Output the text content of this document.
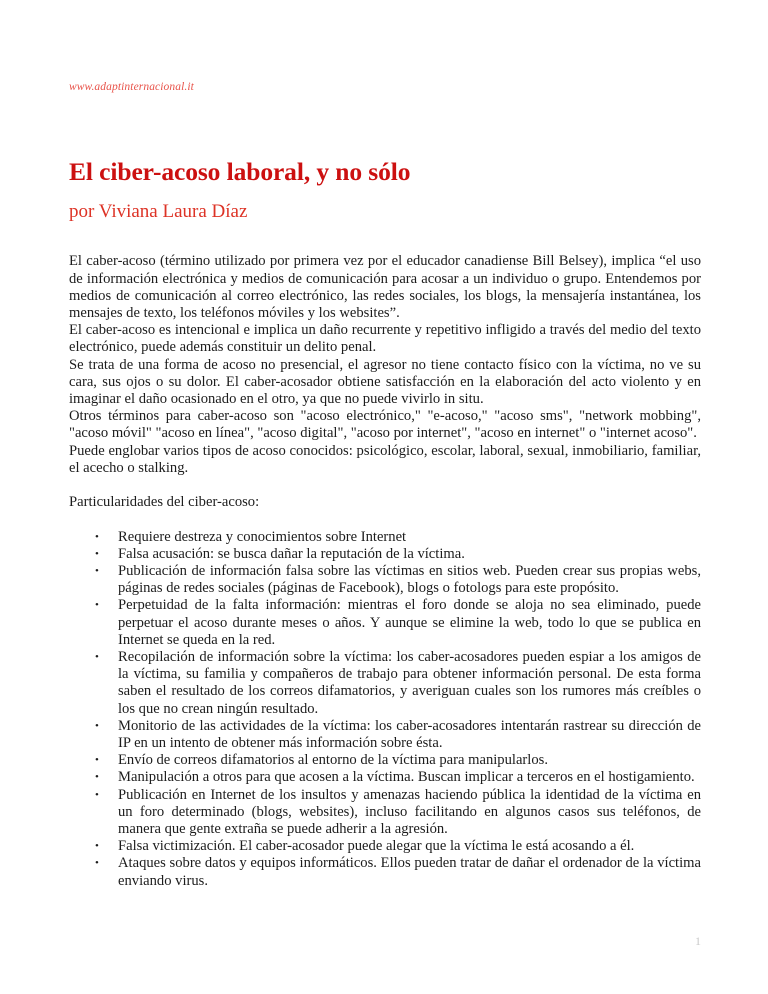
www.adaptinternacional.it
El ciber-acoso laboral, y no sólo
por Viviana Laura Díaz

El caber-acoso (término utilizado por primera vez por el educador canadiense Bill Belsey), implica “el uso de información electrónica y medios de comunicación para acosar a un individuo o grupo. Entendemos por medios de comunicación al correo electrónico, las redes sociales, los blogs, la mensajería instantánea, los mensajes de texto, los teléfonos móviles y los websites”.

El caber-acoso es intencional e implica un daño recurrente y repetitivo infligido a través del medio del texto electrónico, puede además constituir un delito penal.

Se trata de una forma de acoso no presencial, el agresor no tiene contacto físico con la víctima, no ve su cara, sus ojos o su dolor. El caber-acosador obtiene satisfacción en la elaboración del acto violento y en imaginar el daño ocasionado en el otro, ya que no puede vivirlo in situ.

Otros términos para caber-acoso son "acoso electrónico," "e-acoso," "acoso sms", "network mobbing", "acoso móvil" "acoso en línea", "acoso digital", "acoso por internet", "acoso en internet" o "internet acoso".

Puede englobar varios tipos de acoso conocidos: psicológico, escolar, laboral, sexual, inmobiliario, familiar, el acecho o stalking.

Particularidades del ciber-acoso:
• Requiere destreza y conocimientos sobre Internet
• Falsa acusación: se busca dañar la reputación de la víctima.
• Publicación de información falsa sobre las víctimas en sitios web. Pueden crear sus propias webs, páginas de redes sociales (páginas de Facebook), blogs o fotologs para este propósito.
• Perpetuidad de la falta información: mientras el foro donde se aloja no sea eliminado, puede perpetuar el acoso durante meses o años. Y aunque se elimine la web, todo lo que se publica en Internet se queda en la red.
• Recopilación de información sobre la víctima: los caber-acosadores pueden espiar a los amigos de la víctima, su familia y compañeros de trabajo para obtener información personal. De esta forma saben el resultado de los correos difamatorios, y averiguan cuales son los rumores más creíbles o los que no crean ningún resultado.
• Monitorio de las actividades de la víctima: los caber-acosadores intentarán rastrear su dirección de IP en un intento de obtener más información sobre ésta.
• Envío de correos difamatorios al entorno de la víctima para manipularlos.
• Manipulación a otros para que acosen a la víctima. Buscan implicar a terceros en el hostigamiento.
• Publicación en Internet de los insultos y amenazas haciendo pública la identidad de la víctima en un foro determinado (blogs, websites), incluso facilitando en algunos casos sus teléfonos, de manera que gente extraña se puede adherir a la agresión.
• Falsa victimización. El caber-acosador puede alegar que la víctima le está acosando a él.
• Ataques sobre datos y equipos informáticos. Ellos pueden tratar de dañar el ordenador de la víctima enviando virus.
1
